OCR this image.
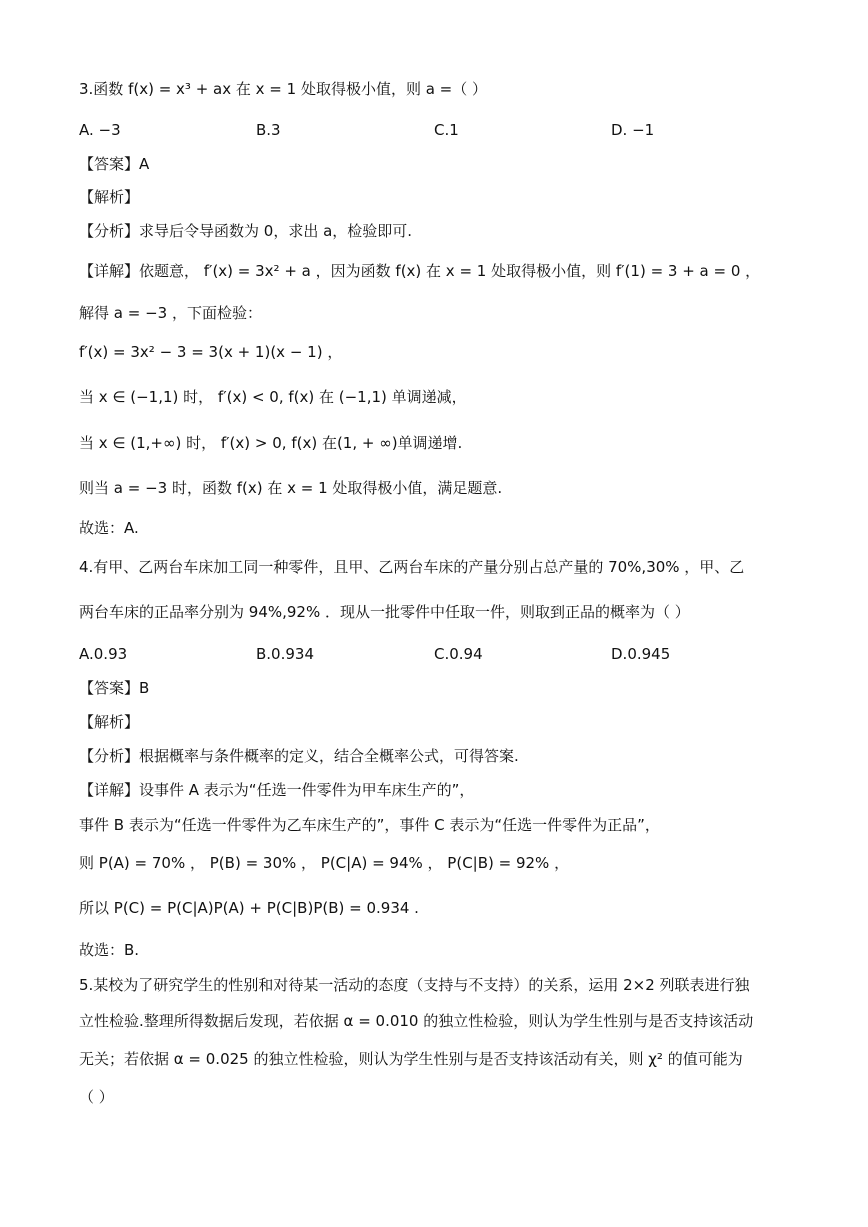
3.函数 f(x) = x³ + ax 在 x = 1 处取得极小值，则 a =（ ）
A. −3	B.3	C.1	D. −1
【答案】A
【解析】
【分析】求导后令导函数为 0，求出 a，检验即可.
【详解】依题意， f′(x) = 3x² + a ，因为函数 f(x) 在 x = 1 处取得极小值，则 f′(1) = 3 + a = 0 ，
解得 a = −3 ，下面检验：
f′(x) = 3x² − 3 = 3(x + 1)(x − 1) ，
当 x ∈ (−1,1) 时， f′(x) < 0, f(x) 在 (−1,1) 单调递减，
当 x ∈ (1,+∞) 时， f′(x) > 0, f(x) 在(1, + ∞)单调递增.
则当 a = −3 时，函数 f(x) 在 x = 1 处取得极小值，满足题意.
故选：A.
4.有甲、乙两台车床加工同一种零件，且甲、乙两台车床的产量分别占总产量的 70%,30% ，甲、乙
两台车床的正品率分别为 94%,92% ．现从一批零件中任取一件，则取到正品的概率为（ ）
A.0.93	B.0.934	C.0.94	D.0.945
【答案】B
【解析】
【分析】根据概率与条件概率的定义，结合全概率公式，可得答案.
【详解】设事件 A 表示为“任选一件零件为甲车床生产的”，
事件 B 表示为“任选一件零件为乙车床生产的”，事件 C 表示为“任选一件零件为正品”，
则 P(A) = 70% ， P(B) = 30% ， P(C|A) = 94% ， P(C|B) = 92% ，
所以 P(C) = P(C|A)P(A) + P(C|B)P(B) = 0.934 .
故选：B.
5.某校为了研究学生的性别和对待某一活动的态度（支持与不支持）的关系，运用 2×2 列联表进行独
立性检验.整理所得数据后发现，若依据 α = 0.010 的独立性检验，则认为学生性别与是否支持该活动
无关；若依据 α = 0.025 的独立性检验，则认为学生性别与是否支持该活动有关，则 χ² 的值可能为
（ ）
